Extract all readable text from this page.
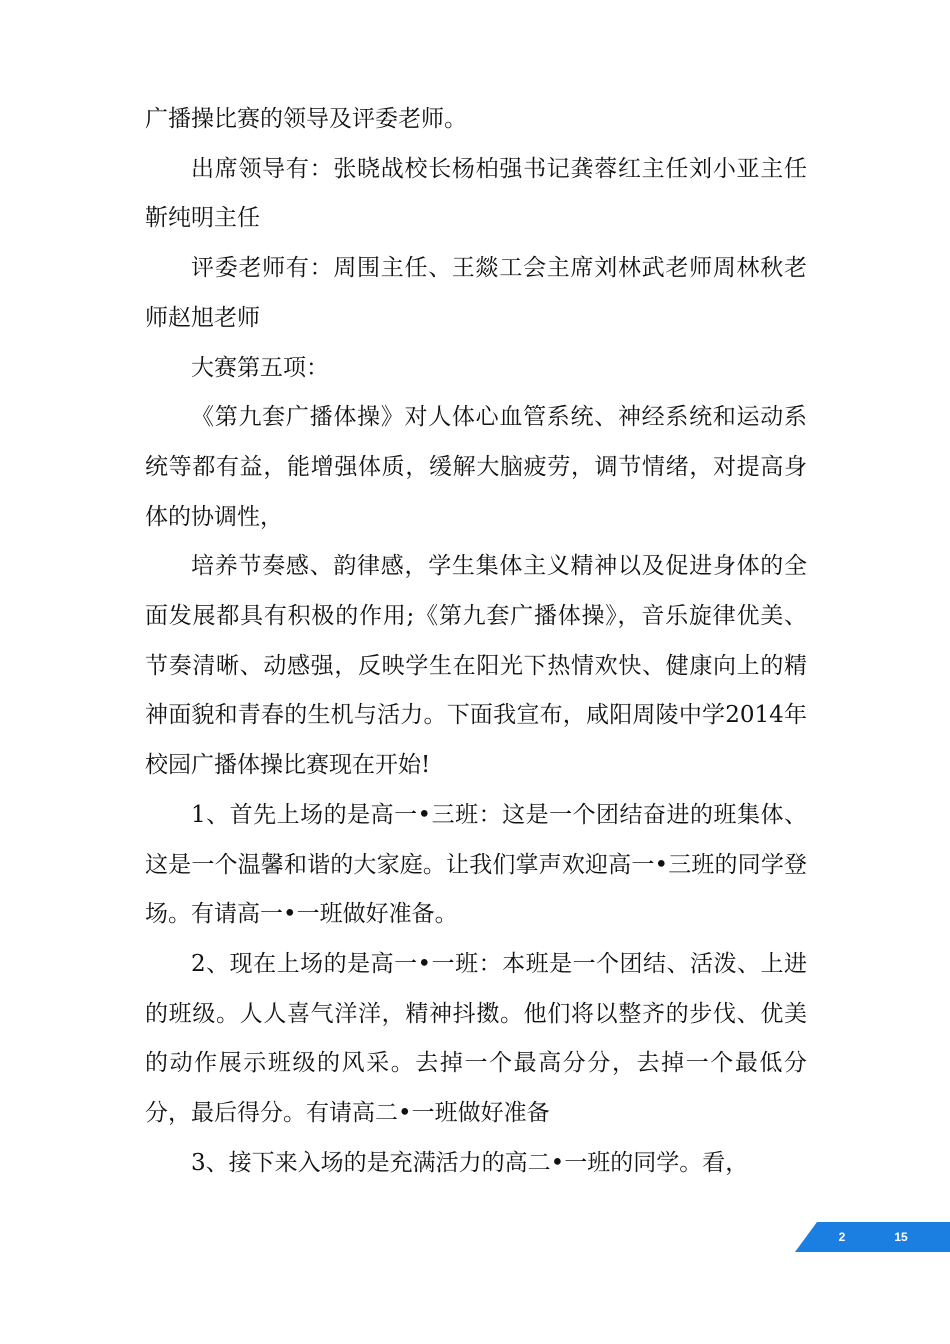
广播操比赛的领导及评委老师。

出席领导有：张晓战校长杨柏强书记龚蓉红主任刘小亚主任靳纯明主任

评委老师有：周围主任、王燚工会主席刘林武老师周林秋老师赵旭老师

大赛第五项：

《第九套广播体操》对人体心血管系统、神经系统和运动系统等都有益，能增强体质，缓解大脑疲劳，调节情绪，对提高身体的协调性，

培养节奏感、韵律感，学生集体主义精神以及促进身体的全面发展都具有积极的作用;《第九套广播体操》，音乐旋律优美、节奏清晰、动感强，反映学生在阳光下热情欢快、健康向上的精神面貌和青春的生机与活力。下面我宣布，咸阳周陵中学2014年校园广播体操比赛现在开始!

1、首先上场的是高一•三班：这是一个团结奋进的班集体、这是一个温馨和谐的大家庭。让我们掌声欢迎高一•三班的同学登场。有请高一•一班做好准备。

2、现在上场的是高一•一班：本班是一个团结、活泼、上进的班级。人人喜气洋洋，精神抖擞。他们将以整齐的步伐、优美的动作展示班级的风采。去掉一个最高分分，去掉一个最低分分，最后得分。有请高二•一班做好准备

3、接下来入场的是充满活力的高二•一班的同学。看，

2	15
